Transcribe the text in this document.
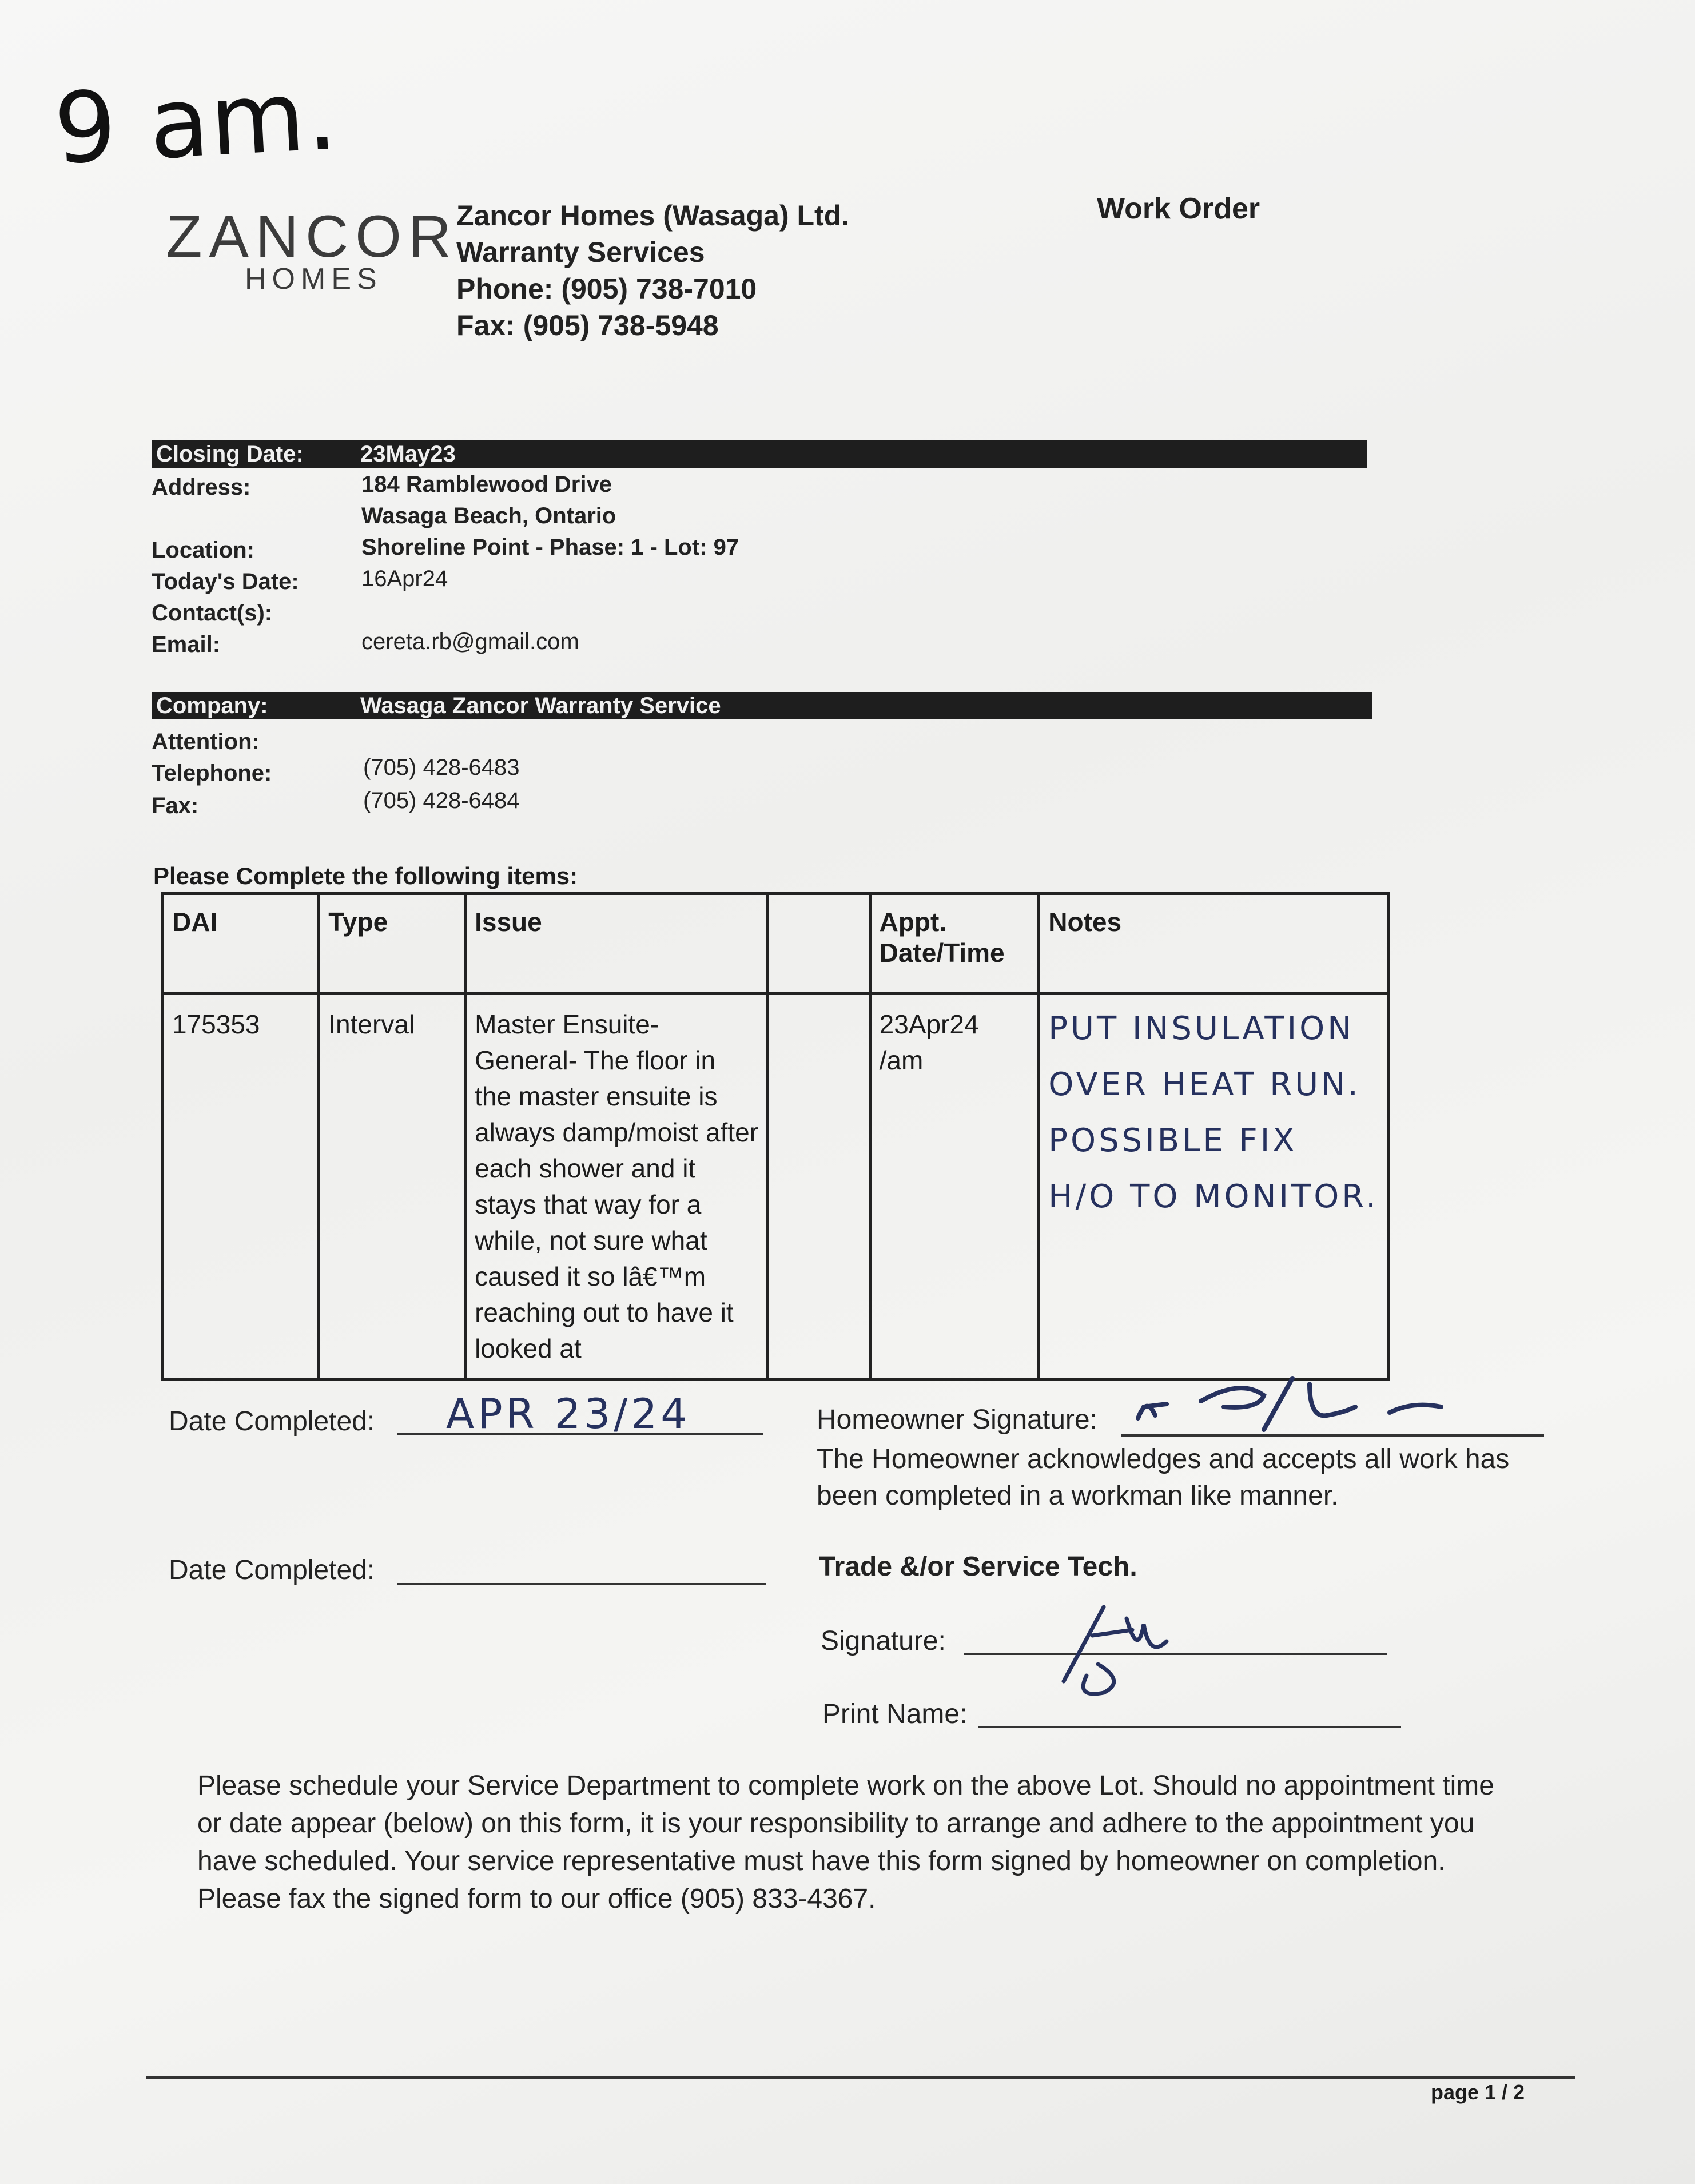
9 am.
ZANCOR
HOMES
Zancor Homes (Wasaga) Ltd.
Warranty Services
Phone: (905) 738-7010
Fax: (905) 738-5948
Work Order
Closing Date: 23May23
Address:	184 Ramblewood Drive
Wasaga Beach, Ontario
Location:	Shoreline Point - Phase: 1 - Lot: 97
Today's Date:	16Apr24
Contact(s):
Email:	cereta.rb@gmail.com
Company:	Wasaga Zancor Warranty Service
Attention:
Telephone:	(705) 428-6483
Fax:	(705) 428-6484
Please Complete the following items:
DAI	Type	Issue		Appt. Date/Time	Notes
175353	Interval	Master Ensuite- General- The floor in the master ensuite is always damp/moist after each shower and it stays that way for a while, not sure what caused it so lâ€™m reaching out to have it looked at		23Apr24 /am	PUT INSULATION
OVER HEAT RUN.
POSSIBLE FIX
H/O TO MONITOR.
Date Completed: APR 23/24	Homeowner Signature:
The Homeowner acknowledges and accepts all work has been completed in a workman like manner.
Date Completed:	Trade &/or Service Tech.
Signature:
Print Name:
Please schedule your Service Department to complete work on the above Lot. Should no appointment time or date appear (below) on this form, it is your responsibility to arrange and adhere to the appointment you have scheduled. Your service representative must have this form signed by homeowner on completion. Please fax the signed form to our office (905) 833-4367.
page 1 / 2
